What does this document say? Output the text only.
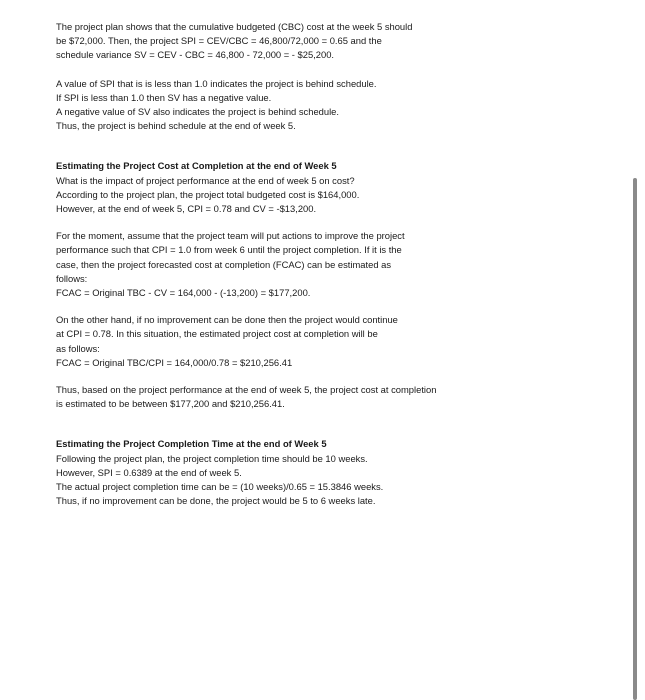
The project plan shows that the cumulative budgeted (CBC) cost at the week 5 should
be $72,000. Then, the project SPI = CEV/CBC = 46,800/72,000 = 0.65 and the
schedule variance SV = CEV - CBC = 46,800 - 72,000 = - $25,200.
A value of SPI that is is less than 1.0 indicates the project is behind schedule.
If SPI is less than 1.0 then SV has a negative value.
A negative value of SV also indicates the project is behind schedule.
Thus, the project is behind schedule at the end of week 5.
Estimating the Project Cost at Completion at the end of Week 5
What is the impact of project performance at the end of week 5 on cost?
According to the project plan, the project total budgeted cost is $164,000.
However, at the end of week 5, CPI = 0.78 and CV = -$13,200.
For the moment, assume that the project team will put actions to improve the project
performance such that CPI = 1.0 from week 6 until the project completion. If it is the
case, then the project forecasted cost at completion (FCAC) can be estimated as
follows:
FCAC = Original TBC - CV = 164,000 - (-13,200) = $177,200.
On the other hand, if no improvement can be done then the project would continue
at CPI = 0.78. In this situation, the estimated project cost at completion will be
as follows:
FCAC = Original TBC/CPI = 164,000/0.78 = $210,256.41
Thus, based on the project performance at the end of week 5, the project cost at completion
is estimated to be between $177,200 and $210,256.41.
Estimating the Project Completion Time at the end of Week 5
Following the project plan, the project completion time should be 10 weeks.
However, SPI = 0.6389 at the end of week 5.
The actual project completion time can be = (10 weeks)/0.65 = 15.3846 weeks.
Thus, if no improvement can be done, the project would be 5 to 6 weeks late.
